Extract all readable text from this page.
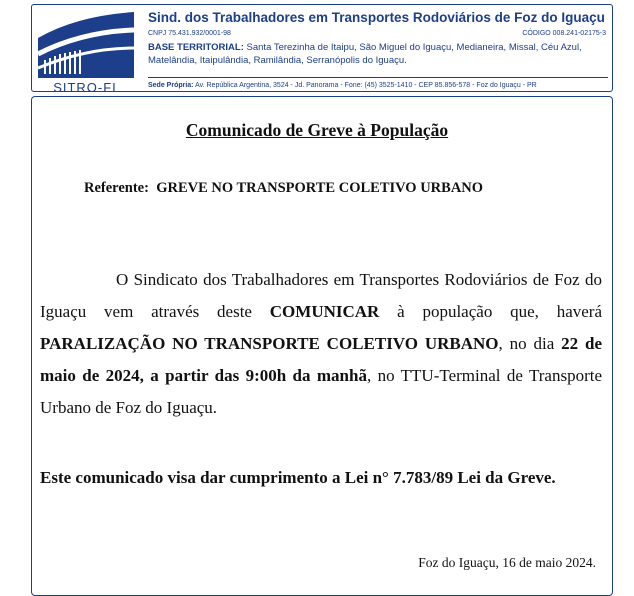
SITRO-FI
Sind. dos Trabalhadores em Transportes Rodoviários de Foz do Iguaçu
CNPJ 75.431.932/0001-98	CÓDIGO 008.241-02175-3
BASE TERRITORIAL: Santa Terezinha de Itaipu, São Miguel do Iguaçu, Medianeira, Missal, Céu Azul, Matelândia, Itaipulândia, Ramilândia, Serranópolis do Iguaçu.
Sede Própria: Av. República Argentina, 3524 - Jd. Panorama - Fone: (45) 3525-1410 - CEP 85.856-578 - Foz do Iguaçu - PR
Comunicado de Greve à População
Referente: GREVE NO TRANSPORTE COLETIVO URBANO
O Sindicato dos Trabalhadores em Transportes Rodoviários de Foz do Iguaçu vem através deste COMUNICAR à população que, haverá PARALIZAÇÃO NO TRANSPORTE COLETIVO URBANO, no dia 22 de maio de 2024, a partir das 9:00h da manhã, no TTU-Terminal de Transporte Urbano de Foz do Iguaçu.
Este comunicado visa dar cumprimento a Lei n° 7.783/89 Lei da Greve.
Foz do Iguaçu, 16 de maio 2024.
